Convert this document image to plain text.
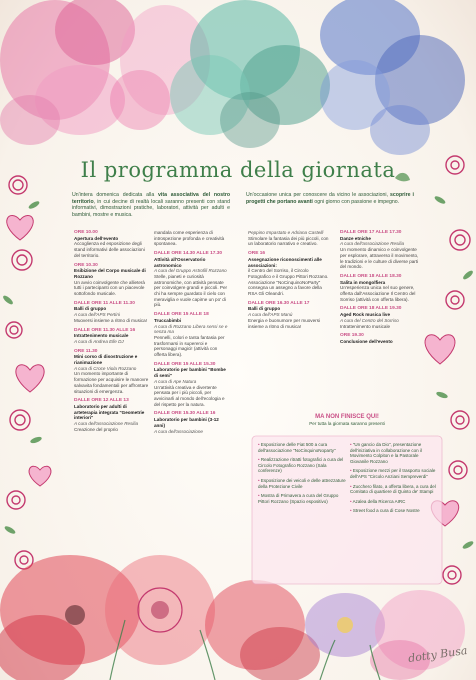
Il programma della giornata
Un'intera domenica dedicata alla vita associativa del nostro territorio, in cui decine di realtà locali saranno presenti con stand informativi, dimostrazioni pratiche, laboratori, attività per adulti e bambini, mostre e musica.
Un'occasione unica per conoscere da vicino le associazioni, scoprire i progetti che portano avanti ogni giorno con passione e impegno.
ORE 10.00
Apertura dell'evento
Accoglienza ed esposizione degli stand informativi delle associazioni del territorio.
ORE 10.30
Esibizione del Corpo musicale di Rozzano
Un avvio coinvolgente che allieterà tutti i partecipanti con un piacevole sottofondo musicale.
DALLE ORE 11 ALLE 11.30
Balli di gruppo
A cura dell'APS Pertini
Muoversi insieme a ritmo di musica!
DALLE ORE 11.30 ALLE 16
Intrattenimento musicale
A cura di Andrea Elle DJ
ORE 11.30
Mini corso di disostruzione e rianimazione
A cura di Croce Viola Rozzano
Un momento importante di formazione per acquisire le manovre salvavita fondamentali per affrontare situazioni di emergenza.
DALLE ORE 12 ALLE 13
Laboratorio per adulti di arteterapia integrata "Geometrie interiori"
A cura dell'associazione Resilia
Creazione del proprio
mandala come esperienza di introspezione profonda e creatività spontanea.
DALLE ORE 14.30 ALLE 17.30
Attività all'Osservatorio astronomico
A cura del Gruppo Astrofili Rozzano
Stelle, pianeti e curiosità astronomiche, con attività pensate per coinvolgere grandi e piccoli. Per chi ha sempre guardato il cielo con meraviglia e vuole capirne un po' di più.
DALLE ORE 15 ALLE 18
Truccabimbi
A cura di Rozzano Libera sensi se e senza ma
Pennelli, colori e tanta fantasia per trasformarsi in supereroi e personaggi magici! (attività con offerta libera).
DALLE ORE 15 ALLE 15.30
Laboratorio per bambini "Bombe di semi"
A cura di Ape Natura
Un'attività creativa e divertente pensata per i più piccoli, per avvicinarli al mondo dell'ecologia e del rispetto per la natura.
DALLE ORE 15.30 ALLE 16
Laboratorio per bambini (3-12 anni)
A cura dell'associazione
Peppino Impastato e Adriana Castelli
Stimolare la fantasia dei più piccoli, con un laboratorio narrativo e creativo.
ORE 16
Assegnazione riconoscimenti alle associazioni:
il Centro del Sorriso, il Circolo Fotografico e il Gruppo Pittori Rozzano. Associazione "NoCinquinoNoParty" consegna un assegno a favore della RSA Gli Oleandri.
DALLE ORE 16.30 ALLE 17
Balli di gruppo
A cura dell'APS Manù
Energia e buonumore per muoversi insieme a ritmo di musica!
DALLE ORE 17 ALLE 17.30
Danze etniche
A cura dell'associazione Resilia
Un momento dinamico e coinvolgente per esplorare, attraverso il movimento, le tradizioni e le culture di diverse parti del mondo.
DALLE ORE 18 ALLE 18.30
Salita in mongolfiera
Un'esperienza unica nel suo genere, offerta dall'Associazione Il Centro del Sorriso (attività con offerta libera).
DALLE ORE 18 ALLE 19.30
Aged Rock musica live
A cura del Centro del Sorriso
Intrattenimento musicale
ORE 19.30
Conclusione dell'evento
MA NON FINISCE QUI!
Per tutta la giornata saranno presenti
• Esposizione delle Fiat 500 a cura dell'associazione "NoCinquinoNoparty"
• Realizzazione ritratti fotografici a cura del Circolo Fotografico Rozzano (Sala conferenze)
• Esposizione dei veicoli e delle attrezzature della Protezione Civile
• Mostra di Primavera a cura del Gruppo Pittori Rozzano (Spazio espositivo)
• "Un gancio da Dio", presentazione dell'iniziativa in collaborazione con il Movimento Colpiton e la Pastorale Giovanile Rozzano
• Esposizione mezzi per il trasporto sociale dell'APS "Circolo Anziani Sempreverdi"
• Zucchero filato, a offerta libera, a cura del Comitato di quartiere di Quinto de' Stampi
• Azalea della Ricerca AIRC
• Street food a cura di Cose Nostre
dotty Busa
